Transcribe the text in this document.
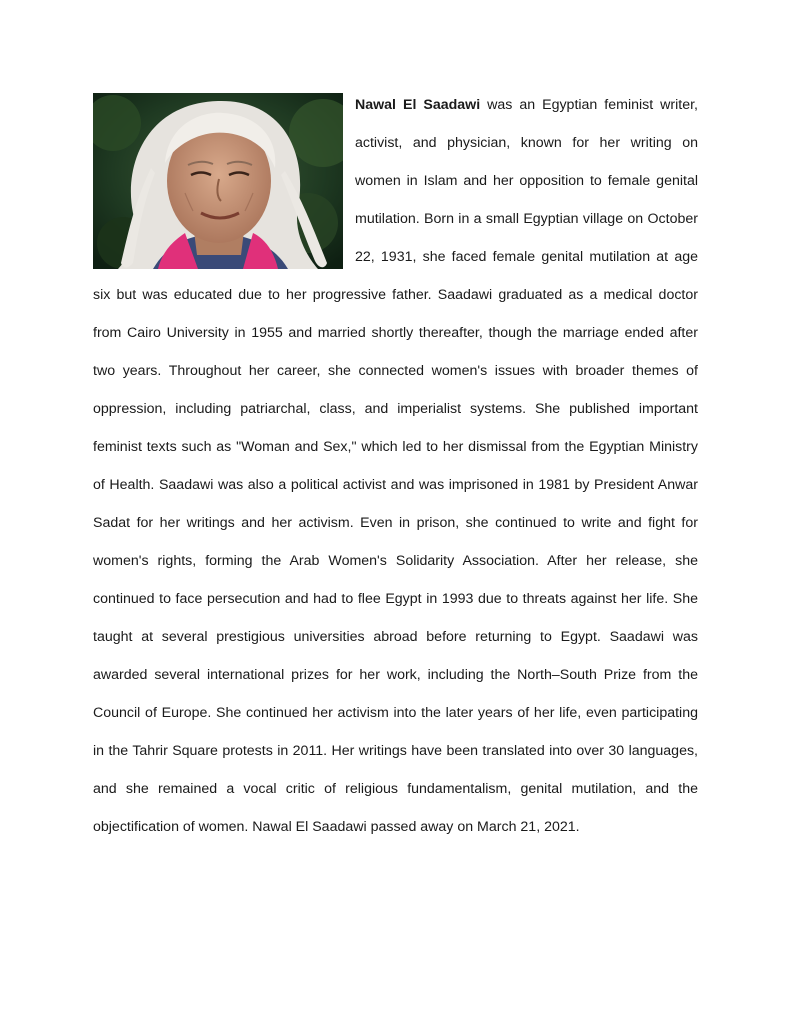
Nawal El Saadawi was an Egyptian feminist writer, activist, and physician, known for her writing on women in Islam and her opposition to female genital mutilation. Born in a small Egyptian village on October 22, 1931, she faced female genital mutilation at age six but was educated due to her progressive father. Saadawi graduated as a medical doctor from Cairo University in 1955 and married shortly thereafter, though the marriage ended after two years. Throughout her career, she connected women's issues with broader themes of oppression, including patriarchal, class, and imperialist systems. She published important feminist texts such as "Woman and Sex," which led to her dismissal from the Egyptian Ministry of Health. Saadawi was also a political activist and was imprisoned in 1981 by President Anwar Sadat for her writings and her activism. Even in prison, she continued to write and fight for women's rights, forming the Arab Women's Solidarity Association. After her release, she continued to face persecution and had to flee Egypt in 1993 due to threats against her life. She taught at several prestigious universities abroad before returning to Egypt. Saadawi was awarded several international prizes for her work, including the North–South Prize from the Council of Europe. She continued her activism into the later years of her life, even participating in the Tahrir Square protests in 2011. Her writings have been translated into over 30 languages, and she remained a vocal critic of religious fundamentalism, genital mutilation, and the objectification of women. Nawal El Saadawi passed away on March 21, 2021.
